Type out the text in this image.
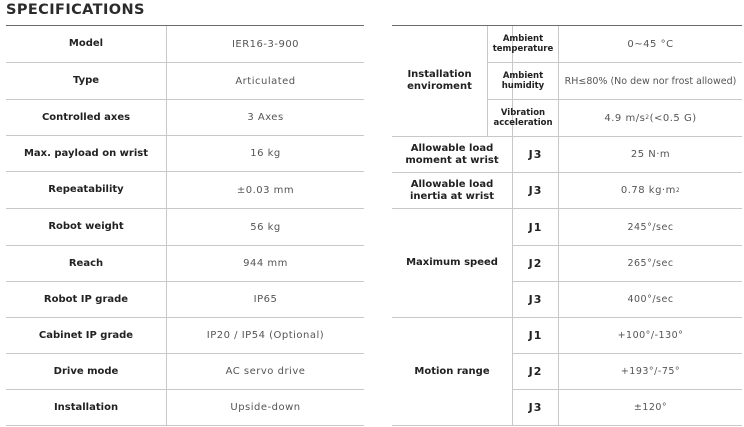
SPECIFICATIONS
Model	IER16-3-900
Type	Articulated
Controlled axes	3 Axes
Max. payload on wrist	16 kg
Repeatability	±0.03 mm
Robot weight	56 kg
Reach	944 mm
Robot IP grade	IP65
Cabinet IP grade	IP20 / IP54 (Optional)
Drive mode	AC servo drive
Installation	Upside-down
Installation
enviroment
Ambient
temperature	0~45 °C
Ambient
humidity	RH≤80% (No dew nor frost allowed)
Vibration
acceleration	4.9 m/s 2 (<0.5 G)
Allowable load
moment at wrist	J3	25 N·m
Allowable load
inertia at wrist	J3	0.78 kg·m 2
Maximum speed
J1	245°/sec
J2	265°/sec
J3	400°/sec
Motion range
J1	+100°/-130°
J2	+193°/-75°
J3	±120°
